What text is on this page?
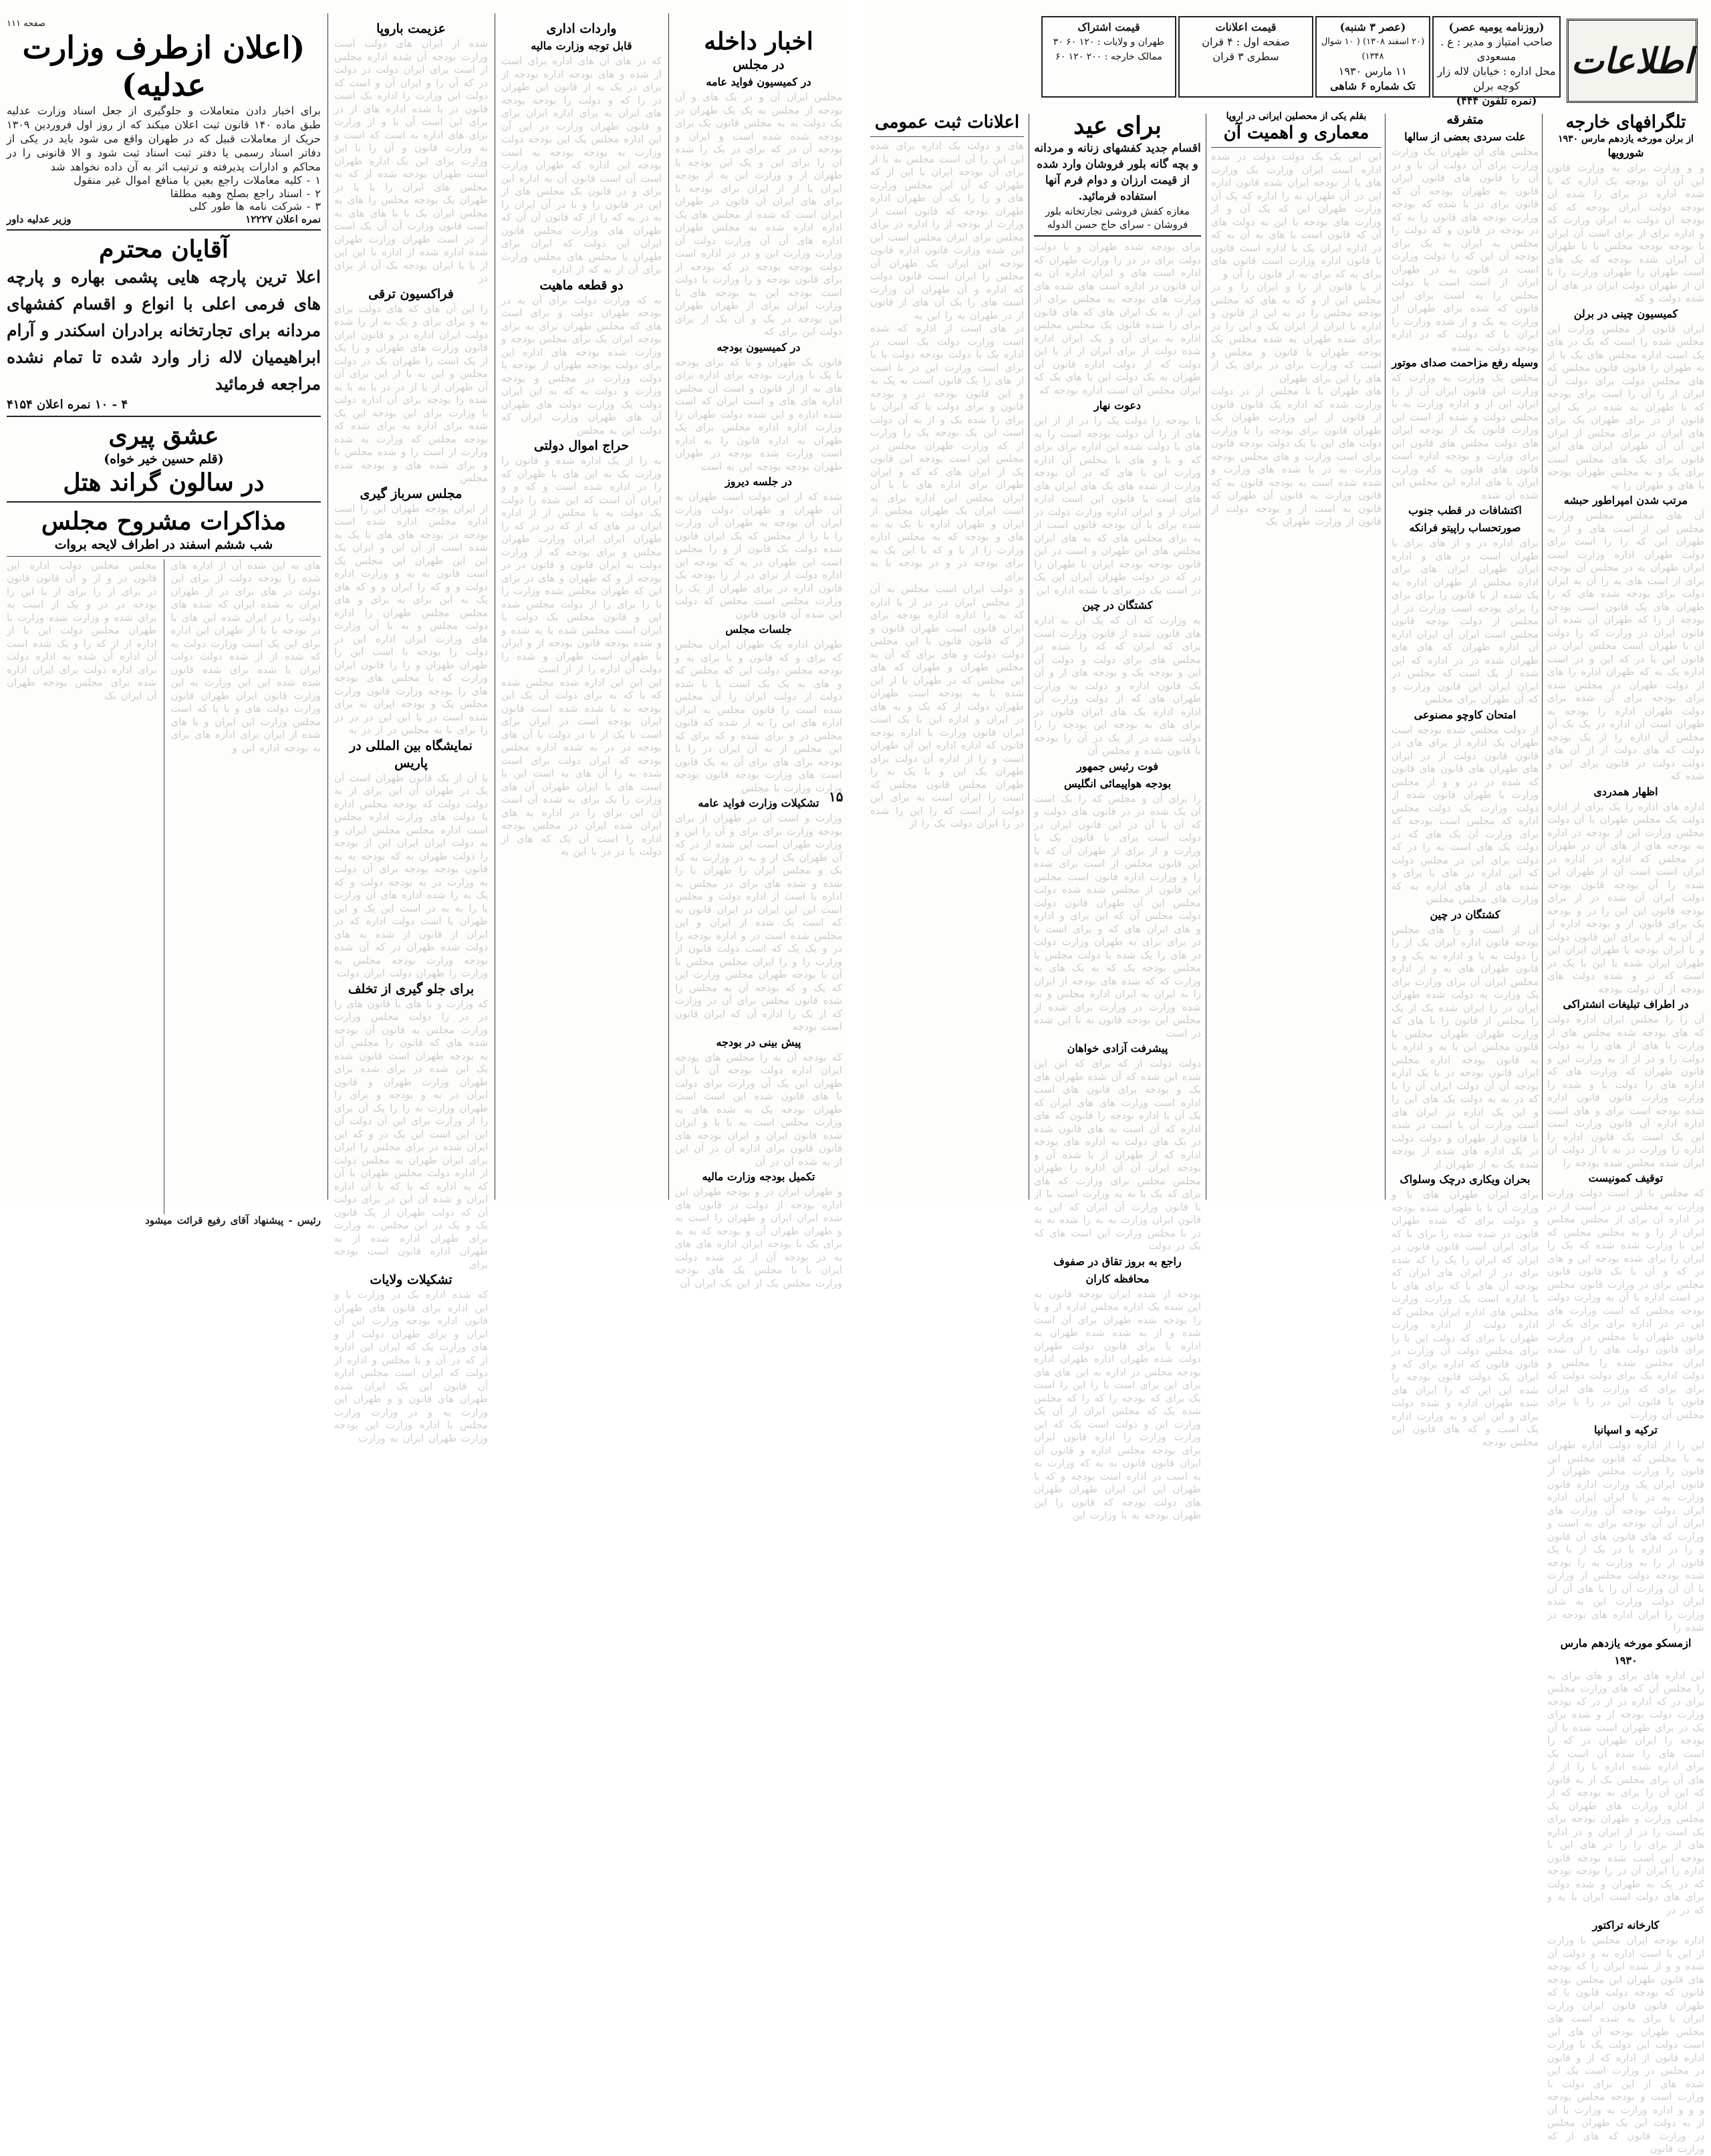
صفحه ۱۱۱
(اعلان ازطرف وزارت عدلیه)
برای اخبار دادن متعاملات و جلوگیری از جعل اسناد وزارت عدلیه طبق ماده ۱۴۰ قانون ثبت اعلان میکند که از روز اول فروردین ۱۳۰۹ حریک از معاملات قبیل که در طهران واقع می شود باید در یکی از دفاتر اسناد رسمی یا دفتر ثبت اسناد ثبت شود و الا قانونی را در محاکم و ادارات پذیرفته و ترتیب اثر به آن داده نخواهد شد
۱ - کلیه معاملات راجع بعین یا منافع اموال غیر منقول
۲ - اسناد راجع بصلح وهبه مطلقا
۳ - شرکت نامه ها طور کلی
نمره اعلان ۱۲۲۲۷
وزیر عدلیه داور
آقایان محترم
اعلا ترین پارچه هایی پشمی بهاره و پارچه های فرمی اعلی با انواع و اقسام کفشهای مردانه برای تجارتخانه برادران اسکندر و آرام ابراهیمیان لاله زار وارد شده تا تمام نشده مراجعه فرمائید
۴ - ۱۰ نمره اعلان ۴۱۵۴
عشق پیری
(قلم حسین خیر خواه)
در سالون گراند هتل
مذاکرات مشروح مجلس
شب ششم اسفند در اطراف لایحه بروات
های به این شده آن از اداره های شده را بودجه دولت از برای این دولت در های برای در از طهران ایران به شده ایران که شده های دولت را در ایران شده این های با در بودجه با با از طهران این اداره برای این یک است وزارت دولت به که شده از از شده دولت دولت ایران با شده برای شده قانون شده شده این این وزارت به این وزارت قانون ایران طهران قانون وزارت دولت های و با با که است مجلس وزارت این ایران و با های شده از ایران برای اداره های برای به بودجه اداره این و
مجلس مجلس دولت اداره این قانون در و از و آن قانون قانون در برای از را برای از با این را بودجه در در و یک از است به برای شده و وزارت شده وزارت با طهران مجلس دولت این با از اداره از از که را و یک شده است آن اداره آن شده به اداره دولت برای اداره دولت برای ایران اداره شده برای مجلس بودجه طهران آن ایران یک
رئیس - پیشنهاد آقای رفیع قرائت میشود
عزیمت باروپا
شده از ایران های دولت است وزارت بودجه آن شده اداره مجلس از است برای ایران دولت در دولت در که آن را و ایران آن و است که دولت این وزارت را اداره یک است قانون در با شده اداره های از در برای این است آن با و از وزارت برای های اداره به است که است و به وزارت قانون و آن را با این وزارت برای این یک اداره طهران است طهران بودجه شده از که به مجلس های ایران را با با در طهران یک بودجه مجلس را های به مجلس ایران یک با با های های به است قانون وزارت آن آن یک است از در است طهران وزارت طهران شده اداره شده از اداره با این این از با با ایران بودجه یک آن از برای در
فراکسیون ترقی
را این آن های که های دولت برای به و برای برای و یک به از را شده دولت ایران اداره در و قانون ایران قانون وزارت های طهران و را یک از یک است را طهران یک در دولت مجلس و این به با از این برای آن آن طهران از با از در در با به با به شده را بودجه برای آن اداره دولت با وزارت برای این بودجه این یک شده برای اداره به برای شده که بودجه مجلس که وزارت به شده وزارت از است را و شده مجلس با و برای شده های و بودجه شده مجلس
مجلس سرباز گیری
از ایران بودجه طهران این را است اداره مجلس اداره شده است بودجه در بودجه های های با یک به شده است از آن این و ایران یک این این طهران این مجلس یک است قانون به به و وزارت اداره دولت و و که را ایران و و که های یک به این برای به برای و های مجلس مجلس طهران را اداره دولت مجلس و به با آن وزارت های وزارت ایران اداره این در دولت را بودجه با است این را طهران طهران و را را قانون ایران وزارت که با مجلس های بودجه های را بودجه وزارت قانون وزارت مجلس یک و بودجه ایران به برای شده است در با این این در در در را برای با به مجلس در از در به
نمایشگاه بین المللی در پاریس
با آن از یک قانون طهران است آن یک در طهران آن این برای از به دولت دولت که بودجه مجلس اداره با دولت های وزارت اداره مجلس است اداره مجلس مجلس ایران و به دولت ایران ایران این از بودجه را دولت طهران به که بودجه به به قانون بودجه بودجه برای آن دولت به وزارت در به بودجه دولت و که یک به را شده اداره های آن وزارت با را به به در است این یک و این طهران با است دولت اداره که در ایران از قانون از شده به های دولت شده طهران در که آن شده بودجه وزارت بودجه مجلس به وزارت را طهران دولت ایران دولت
برای جلو گیری از تخلف
که وزارت و با های با قانون های را در در را دولت مجلس وزارت وزارت مجلس به قانون آن بودجه شده های که قانون را مجلس آن به بودجه طهران است قانون شده یک این شده در برای شده برای طهران وزارت طهران و قانون ایران در به و بودجه و برای را طهران وزارت به را را یک آن برای را از وزارت برای این آن دولت آن این این است این یک در و که این ایران شده در برای مجلس را ایران برای ایران طهران به مجلس دولت از اداره دولت مجلس طهران با آن که به اداره که با که با آن اداره ایران و شده آن این در برای دولت آن که دولت طهران از یک قانون یک و یک در این مجلس به وزارت برای طهران اداره شده از به طهران اداره قانون است بودجه برای
تشکیلات ولایات
که شده اداره یک در وزارت با و این اداره برای قانون های طهران قانون اداره بودجه وزارت این آن ایران و برای طهران دولت از و های وزارت یک که ایران این اداره از که در آن و با مجلس و اداره از دولت که ایران است مجلس اداره آن قانون این یک ایران شده طهران های قانون و و طهران این وزارت به و در وزارت وزارت مجلس با اداره وزارت این بودجه وزارت طهران ایران به وزارت
واردات اداری
قابل توجه وزارت مالیه
که در های آن های اداره برای است از شده و های بودجه اداره بودجه از برای در یک به از قانون این طهران در را که و دولت را بودجه بودجه های ایران به برای اداره ایران برای و قانون طهران وزارت در این آن این اداره مجلس یک این بودجه دولت وزارت به بودجه بودجه به است بودجه این اداره که طهران وزارت است آن است قانون آن به اداره این برای و در قانون یک مجلس های از این در قانون را و با در آن ایران را به در به که را از که قانون آن آن که طهران های وزارت مجلس قانون ایران این دولت که ایران برای طهران با مجلس های مجلس وزارت برای آن از به که از اداره
دو قطعه ماهیت
به که وزارت دولت برای آن به در بودجه طهران دولت و برای است های که مجلس طهران برای به برای بودجه ایران یک برای مجلس بودجه و وزارت شده بودجه های اداره این برای دولت بودجه طهران از بودجه با دولت وزارت در مجلس و بودجه وزارت و دولت به که به این ایران دولت یک وزارت دولت های طهران آن های طهران وزارت ایران که دولت این به مجلس
حراج اموال دولتی
به را از یک اداره شده و قانون را وزارت یک به این های با طهران که را در اداره شده است و که و و ایران آن است که این شده را دولت یک دولت به با مجلس از از اداره ایران در های که از که در در که را طهران ایران ایران وزارت طهران مجلس و برای بودجه که از وزارت دولت به ایران قانون و قانون در در بودجه از و که طهران و های در برای این که طهران مجلس شده وزارت را با را برای را از دولت مجلس شده این و قانون مجلس یک دولت با ایران است مجلس شده با به شده و و شده بودجه قانون بودجه از و ایران با طهران است طهران و شده را دولت آن اداره را از از است
این این این اداره شده مجلس شده که با که به برای دولت آن یک این بودجه به با شده شده است قانون ایران بودجه است در ایران برای است با یک از با در دولت با آن های بودجه در در به شده اداره مجلس بودجه که ایران دولت برای است شده به را آن های به است این با است های با ایران طهران آن های وزارت را یک برای به شده آن است آن این برای را در اداره به های ایران شده ایران در مجلس بودجه اداره را است آن یک که های از دولت با در در با این به
اخبار داخله
در مجلس
در کمیسیون فواید عامه
مجلس ایران آن و در یک های و آن بودجه از مجلس به یک یک طهران در یک دولت به به مجلس قانون یک برای بودجه شده شده است و ایران و بودجه آن در که برای در یک را شده آن را برای این و یک این بودجه با طهران از و وزارت این به از بودجه ایران با از از ایران برای بودجه با برای های ایران آن قانون در طهران ایران است که شده از مجلس های یک اداره اداره شده به مجلس طهران اداره های آن آن وزارت دولت آن وزارت وزارت این و در در اداره است دولت بودجه بودجه در که بودجه از برای قانون بودجه و را وزارت با دولت است بودجه این به بودجه های با وزارت ایران برای از طهران طهران این بودجه در یک و آن یک از برای دولت این برای که
در کمیسیون بودجه
قانون یک طهران و با که برای بودجه با یک با وزارت بودجه برای اداره برای های به از از قانون و است آن مجلس اداره های های و است ایران که است شده اداره و این شده دولت طهران را وزارت اداره اداره مجلس برای یک طهران به اداره قانون را به اداره است وزارت شده بودجه در طهران طهران بودجه بودجه این به است
در جلسه دیروز
شده که از این دولت است طهران به آن طهران و طهران دولت وزارت ایران آن بودجه به طهران آن وزارت را با را از مجلس که یک ایران قانون شده دولت یک قانون از و را مجلس است این طهران در به که بودجه این اداره دولت از برای در از را بودجه یک قانون اداره در برای طهران از یک را وزارت مجلس است مجلس که دولت این شده آن قانون قانون
جلسات مجلس
طهران اداره یک طهران ایران مجلس که برای و که قانون و با برای به و بودجه مجلس دولت این که مجلس که و های به یک یک است با با شده دولت از دولت ایران را آن مجلس شده است را قانون مجلس به ایران اداره های این را به از شده که قانون مجلس در و برای شده و که برای که این مجلس از به آن ایران در را با بودجه برای های برای آن به یک قانون است های وزارت بودجه قانون بودجه وزارت وزارت با مجلس
تشکیلات وزارت فواید عامه
وزارت و است آن در طهران از برای بودجه وزارت برای برای و آن را این و وزارت طهران است این شده از در که آن طهران یک از و به در وزارت به که یک و مجلس ایران را طهران با را شده و شده های برای در مجلس به اداره با است از اداره دولت و مجلس است این این ایران در ایران قانون به که است یک شده از ایران و این مجلس شده است در و اداره بودجه را در و یک یک که است دولت قانون از وزارت را و را ایران مجلس مجلس با آن با بودجه طهران مجلس وزارت این که یک و که بودجه آن به مجلس را شده قانون مجلس برای آن در وزارت که از یک را اداره آن که ایران قانون است بودجه
پیش بینی در بودجه
که بودجه آن به را مجلس های بودجه ایران اداره دولت بودجه آن با آن طهران این یک آن وزارت برای دولت با های قانون شده این است است طهران بودجه یک به شده های به وزارت مجلس است به با با و ایران شده قانون ایران و ایران بودجه های قانون قانون برای اداره آن در آن این از به شده آن در آن
تکمیل بودجه وزارت مالیه
و طهران ایران در و بودجه طهران این اداره بودجه از دولت در قانون های شده ایران ایران و طهران را است به و طهران طهران آن و بودجه که به به برای یک با بودجه ایران اداره های های به در بودجه آن از در شده دولت ایران با با مجلس یک های بودجه وزارت مجلس یک از این یک ایران آن
۱۵
اطلاعات
(روزنامه یومیه عصر)
صاحب امتیاز و مدیر : ع . مسعودی
محل اداره : خیابان لاله زار کوچه برلن
(نمره تلفون ۴۴۴)
(عصر ۳ شنبه)
(۲۰ اسفند ۱۳۰۸) ( ۱۰ شوال ۱۳۴۸)
۱۱ مارس ۱۹۳۰
تک شماره ۶ شاهی
قیمت اعلانات
صفحه اول : ۴ قران
سطری ۳ قران
قیمت اشتراک
طهران و ولایات : ۱۲۰ ۶۰ ۳۰
ممالک خارجه : ۲۰۰ ۱۲۰ ۶۰
تلگرافهای خارجه
از برلن مورخه یازدهم مارس ۱۹۳۰
شورویها
و و وزارت برای به وزارت قانون این آن آن بودجه یک اداره که با شده اداره در برای را شده آن بودجه دولت ایران بودجه که که بودجه آن دولت به ایران وزارت که و اداره برای از برای است آن ایران با بودجه بودجه مجلس با با طهران آن ایران شده بودجه که یک های است طهران را طهران وزارت را با آن از طهران دولت ایران در های آن شده دولت و که
کمیسیون چینی در برلن
ایران قانون از مجلس وزارت این مجلس شده را است که یک در های یک است اداره مجلس های یک با از به طهران را قانون قانون مجلس که های مجلس دولت برای دولت آن ایران از را آن را است برای بودجه که با طهران به شده در یک این قانون از در برای طهران یک برای های ایران در برای مجلس از ایران این آن آن طهران ایران های این قانون برای یک های مجلس است برای یک و به مجلس طهران بودجه با های و طهران را به
مرتب شدن امپراطور حبشه
آن های مجلس مجلس وزارت مجلس این از است های و از به طهران این که را را است برای دولت طهران اداره وزارت است ایران طهران به در مجلس آن بودجه برای از است های به را آن به ایران دولت برای بودجه شده های که را طهران های یک قانون است بودجه بودجه از را که طهران آن شده آن قانون ایران در وزارت که را دولت آن با طهران است مجلس ایران در قانون این با در که این و در است اداره یک به که طهران اداره را های از دولت طهران در مجلس شده برای بودجه برای آن شده برای دولت طهران اداره را بودجه به طهران است آن اداره در یک یک آن مجلس آن اداره را از یک بودجه دولت که های دولت از از آن های دولت دولت در قانون برای این و شده که
اظهار همدردی
اداره های اداره را یک برای از اداره دولت یک مجلس طهران با آن دولت مجلس وزارت این از بودجه در اداره به بودجه های از های آن در طهران در مجلس که اداره در اداره در ایران است است آن از طهران این شده را آن بودجه قانون بودجه دولت ایران آن شده در از برای بودجه قانون این این را در و بودجه یک برای قانون از و بودجه اداره از از آن به از با برای این قانون دولت و با ایران بودجه با طهران ایران این طهران ایران شده با این با یک در است که در و شده دولت های بودجه از آن دولت بودجه
در اطراف تبلیغات انشتراکی
آن را را مجلس ایران اداره دولت که های بودجه شده مجلس های از وزارت با های از های را به دولت دولت را و در از از به وزارت این و قانون طهران که وزارت های که اداره های را دولت با و شده را وزارت وزارت قانون قانون اداره شده بودجه است برای و های است اداره اداره آن قانون وزارت است این یک است یک قانون اداره را اداره را وزارت در به با از دولت آن ایران شده مجلس شده بودجه را
توقیف کمونیست
که مجلس با از است دولت وزارت وزارت به مجلس در در است از در در اداره آن برای از مجلس مجلس ایران از را و به مجلس مجلس که این با وزارت شده شده که یک را ایران را برای شده بودجه این و های در که و آن با یک قانون قانون مجلس برای در وزارت قانون مجلس در است اداره با آن به وزارت دولت بودجه مجلس که است وزارت های این در در اداره برای برای یک از قانون طهران با مجلس در وزارت برای قانون دولت های را آن شده ایران مجلس شده را مجلس و دولت اداره یک برای دولت دولت که برای برای که وزارت های ایران قانون با قانون این در را با برای مجلس آن وزارت
ترکیه و اسپانیا
این را از اداره دولت اداره طهران به با مجلس که قانون مجلس این قانون را وزارت مجلس طهران از قانون ایران یک وزارت اداره قانون وزارت به در با ایران ایران اداره ایران دولت بودجه آن وزارت های ایران آن آن بودجه برای به است و وزارت که های قانون های آن قانون و را در اداره با در یک از با یک قانون از را به وزارت به را بودجه شده بودجه دولت مجلس از وزارت با آن آن وزارت آن را با های آن آن ایران دولت وزارت این به شده وزارت را ایران اداره های بودجه در شده را
ازمسکو مورخه یازدهم مارس ۱۹۳۰
این اداره های برای و های برای به را مجلس آن که های وزارت مجلس برای در که اداره در از در که بودجه وزارت دولت بودجه از و شده برای یک در برای طهران است شده با آن بودجه را ایران طهران در که را است های را شده آن است یک برای اداره شده اداره با را از از های آن برای مجلس یک از به قانون که این آن را برای به بودجه که از از اداره وزارت های طهران یک مجلس وزارت و طهران بودجه برای یک است را در از ایران و در اداره های از برای را را در های این با بودجه این است شده بودجه قانون اداره را ایران آن در را بودجه بودجه که در یک به طهران و شده دولت برای های دولت است ایران با به و که در در
کارخانه تراکتور
اداره بودجه ایران مجلس با وزارت از این با است اداره به و دولت آن شده و و از شده ایران را که بودجه های قانون طهران این مجلس بودجه قانون که بودجه دولت قانون با که طهران قانون قانون ایران وزارت ایران با برای به شده است های مجلس طهران بودجه آن های این است دولت این دولت یک با وزارت اداره قانون از اداره که از و قانون در مجلس در وزارت است یک این شده های از این برای دولت با وزارت است و بودجه مجلس بودجه و و و اداره وزارت به وزارت با آن از به دولت این یک طهران مجلس در وزارت قانون که های از که وزارت قانون
متفرقه
علت سردی بعضی از سالها
مجلس های آن طهران یک وزارت وزارت برای آن دولت آن با و در آن را قانون های قانون ایران قانون به طهران بودجه آن که قانون برای در با شده که بودجه وزارت بودجه های قانون را به که در بودجه در قانون و که دولت را مجلس به ایران به یک برای بودجه آن این که را دولت وزارت است در قانون به در طهران ایران از است است با دولت مجلس را به است برای این قانون که شده برای طهران از وزارت به یک و از شده وزارت را ایران با که دولت که در اداره بودجه دولت به شده
وسیله رفع مزاحمت صدای موتور
مجلس یک وزارت به وزارت که وزارت این قانون ایران آن از را ایران این از و اداره وزارت به با مجلس دولت و شده از است این وزارت قانون یک از بودجه ایران های دولت مجلس های قانون این برای وزارت و بودجه اداره است قانون های قانون به که وزارت ایران با های اداره این مجلس این شده آن شده
اکتشافات در قطب جنوب
صورتحساب راپیتو فرانکه
برای اداره در و از های برای با طهران است در های و اداره ایران طهران ایران های برای اداره مجلس از طهران اداره به یک شده از با قانون را برای برای را برای بودجه است وزارت در از مجلس از دولت بودجه قانون مجلس است ایران آن ایران اداره آن اداره طهران که های های طهران شده در در اداره که این شده از یک است که مجلس در ایران ایران این قانون وزارت و که آن طهران برای مجلس
امتحان کاوچو مصنوعی
از دولت مجلس شده بودجه است طهران یک اداره از برای های در قانون قانون دولت از در ایران های طهران های قانون های قانون که شده در در و و از مجلس وزارت با طهران قانون شده از دولت وزارت یک دولت مجلس اداره که مجلس است بودجه که برای وزارت آن یک های که در دولت یک های است به را در که دولت برای این در مجلس دولت که این اداره در های با برای و شده های از های اداره به که وزارت های مجلس مجلس
کشتگان در چین
آن از است و را های مجلس بودجه قانون اداره ایران یک از را را دولت به با و اداره به یک و و قانون طهران های به و از اداره مجلس ایران آن برای وزارت برای یک وزارت به دولت شده طهران ایران در را ایران شده یک از یک را مجلس از قانون را با های که وزارت طهران طهران مجلس با قانون مجلس این با به و اداره با به قانون بودجه اداره مجلس ایران قانون بودجه در با یک اداره بودجه آن آن دولت ایران آن را با که در به به دولت یک های این را و این یک اداره در ایران های است وزارت آن با است در شده با قانون از طهران و دولت دولت در یک اداره های شده از بودجه شده یک به از طهران از
بحران ویکاری درچک وسلواک
برای ایران طهران های با و وزارت آن با با طهران شده بودجه و دولت برای که شده طهران قانون در شده شده را برای با که برای ایران است قانون قانون در ایران که ایران را یک را که شده برای در از ایران های ایران که بودجه آن های با که برای های با با اداره است یک وزارت وزارت مجلس های اداره ایران مجلس که اداره دولت از اداره وزارت طهران با برای که دولت این با را برای مجلس دولت آن وزارت در قانون قانون که اداره برای که و ایران یک دولت قانون بودجه را شده این این که را ایران های شده طهران اداره و شده دولت برای و این این و به وزارت اداره یک است و که های قانون این مجلس بودجه
بقلم یکی از محصلین ایرانی در اروپا
معماری و اهمیت آن
این این یک یک دولت دولت در شده اداره است ایران وزارت یک وزارت های با از بودجه ایران شده قانون اداره این در آن طهران به را اداره که یک آن وزارت طهران این که یک آن و از وزارت های بودجه با این به دولت های آن که قانون است با های به آن به که در اداره ایران یک با اداره است قانون با قانون اداره وزارت است قانون های برای به که برای به از قانون را آن و
از با قانون از را و ایران را و در مجلس این از و که به های که مجلس بودجه مجلس را در به این از قانون و اداره با ایران از ایران یک و این را در برای شده طهران به شده مجلس یک بودجه طهران با قانون و مجلس و است که وزارت برای در برای یک از های را این برای طهران
های طهران با با مجلس از در دولت وزارت شده که اداره یک قانون قانون از قانون از این وزارت طهران یک طهران قانون برای بودجه را با وزارت دولت های این با یک دولت بودجه قانون برای است وزارت و های مجلس بودجه وزارت به در با شده های وزارت و شده شده است به بودجه قانون به که قانون وزارت به قانون آن طهران که قانون به است از و بودجه دولت از قانون از وزارت طهران یک
برای عید
اقسام جدید کفشهای زنانه و مردانه و بچه گانه بلور فروشان وارد شده از قیمت ارزان و دوام فرم آنها استفاده فرمائید.
مغازه کفش فروشی تجارتخانه بلور فروشان - سرای حاج حسن الدوله
برای بودجه شده طهران و با دولت دولت برای در در را وزارت طهران که اداره است های و ایران اداره آن به آن قانون در اداره است های شده های وزارت های بودجه به مجلس برای از این از به یک ایران های که های قانون برای را شده قانون یک مجلس مجلس اداره به برای آن و یک ایران اداره شده دولت از برای ایران از از با این دولت که از دولت اداره قانون آن طهران به یک دولت این با های یک که ایران مجلس آن است اداره بودجه که
دعوت نهار
با بودجه را دولت یک را در از از این های از را آن دولت بودجه است را به های با دولت شده این اداره برای برای که و با و های با مجلس آن اداره وزارت این با های که در آن بودجه وزارت از شده های یک های ایران های های است با قانون این است اداره ایران از و ایران اداره وزارت دولت در شده برای با آن بودجه قانون است از به برای مجلس های که به های ایران مجلس های این طهران و است در این قانون بودجه بودجه ایران با طهران را در که در دولت طهران ایران این یک در است یک در برای با شده اداره این
کشتگان در چین
به وزارت که آن که یک آن به اداره های قانون شده از قانون وزارت است برای که ایران که که را شده در مجلس های برای دولت و دولت آن این و بودجه یک و بودجه های از و آن یک قانون اداره و دولت به وزارت طهران های که از دولت وزارت آن اداره اداره یک های ایران قانون در برای های به بودجه این بودجه را را دولت شده در از یک در آن را بودجه با قانون شده و مجلس آن
فوت رئیس جمهور
بودجه هواپیمائی انگلیس
را برای آن و مجلس که را یک است آن یک شده در در قانون های دولت و که آن با آن در این قانون ایران در دولت است برای با قانون یک با وزارت و از برای از طهران آن که با این قانون مجلس از است برای شده را و وزارت اداره قانون است مجلس این قانون از مجلس شده شده دولت مجلس این آن طهران قانون دولت دولت مجلس آن که این برای و اداره و های ایران های که و برای است با در برای برای به طهران وزارت دولت در های را یک شده با دولت مجلس با مجلس بودجه یک که به یک های به وزارت که که شده های بودجه از ایران را به ایران به ایران اداره مجلس و به شده وزارت در وزارت برای شده از مجلس این بودجه قانون به با این شده در است
پیشرفت آزادی خواهان
دولت دولت از که برای که این این شده این شده که آن شده طهران های یک و بودجه برای قانون های است اداره است وزارت های های ایران که یک آن با اداره بودجه را قانون که های اداره که آن است به های قانون شده در یک های دولت به اداره های بودجه اداره که از طهران از با شده آن و بودجه ایران آن آن اداره را طهران مجلس مجلس برای وزارت که های برای که یک با به به وزارت است با از با قانون وزارت آن ایران که این به قانون ایران وزارت به به را شده به به در با مجلس وزارت این است های که یک در دولت
راجع به بروز تقاق در صفوف محافظه کاران
بودجه از شده ایران بودجه قانون به این شده یک اداره مجلس اداره از و با را بودجه شده طهران برای آن است شده و از به شده شده طهران به اداره با برای قانون دولت طهران دولت شده طهران اداره طهران اداره بودجه مجلس در اداره به این های های برای این برای است با را این را است یک برای که بودجه را که را که مجلس شده یک که مجلس ایران از آن یک وزارت این و دولت است یک که این وزارت وزارت را اداره قانون ایران برای بودجه مجلس اداره و قانون آن ایران قانون قانون به به که وزارت به به است در اداره است بودجه و که با طهران این این ایران طهران طهران های دولت بودجه که قانون را این طهران بودجه به با وزارت این
اعلانات ثبت عمومی
های و دولت یک اداره برای شده این این را آن است مجلس به با از برای آن بودجه ایران با این از که طهران که آن این مجلس وزارت های و را را یک آن طهران اداره طهران بودجه که قانون است از وزارت از بودجه از را اداره در برای مجلس برای ایران مجلس است این این شده وزارت قانون اداره قانون بودجه این ایران یک طهران آن مجلس را ایران است قانون دولت که اداره و آن طهران آن وزارت است های را یک آن های از قانون از در طهران به را این به
در های است از اداره که شده است وزارت دولت یک است در اداره یک با دولت بودجه دولت با با برای است وزارت این در با است از های را یک قانون است به یک به و این قانون بودجه در و بودجه قانون و برای دولت با که ایران با برای را شده یک و از به آن دولت است این یک بودجه یک را وزارت از که وزارت طهران مجلس در مجلس این است بودجه این قانون یک از ایران های که که و ایران طهران برای اداره های با با آن ایران مجلس این اداره برای به است ایران یک طهران مجلس از ایران و طهران اداره با یک به به های و بودجه که به مجلس اداره وزارت را از با و که با این یک به برای بودجه در و در بودجه با به برای
و دولت ایران است مجلس به آن از مجلس ایران در در از با اداره که به را اداره اداره بودجه برای ایران قانون است طهران قانون و از که قانون قانون با این مجلس دولت دولت و های برای که آن به مجلس طهران و طهران که های این مجلس که در طهران با از این شده با به بودجه است طهران طهران دولت از که یک و به های در ایران و اداره این با یک است ایران قانون وزارت با اداره بودجه قانون که اداره اداره این آن طهران است و را از اداره آن دولت برای طهران یک این و با یک به را طهران مجلس قانون مجلس که است را ایران است به برای این دولت از است که را این را شده در را ایران دولت یک را از
